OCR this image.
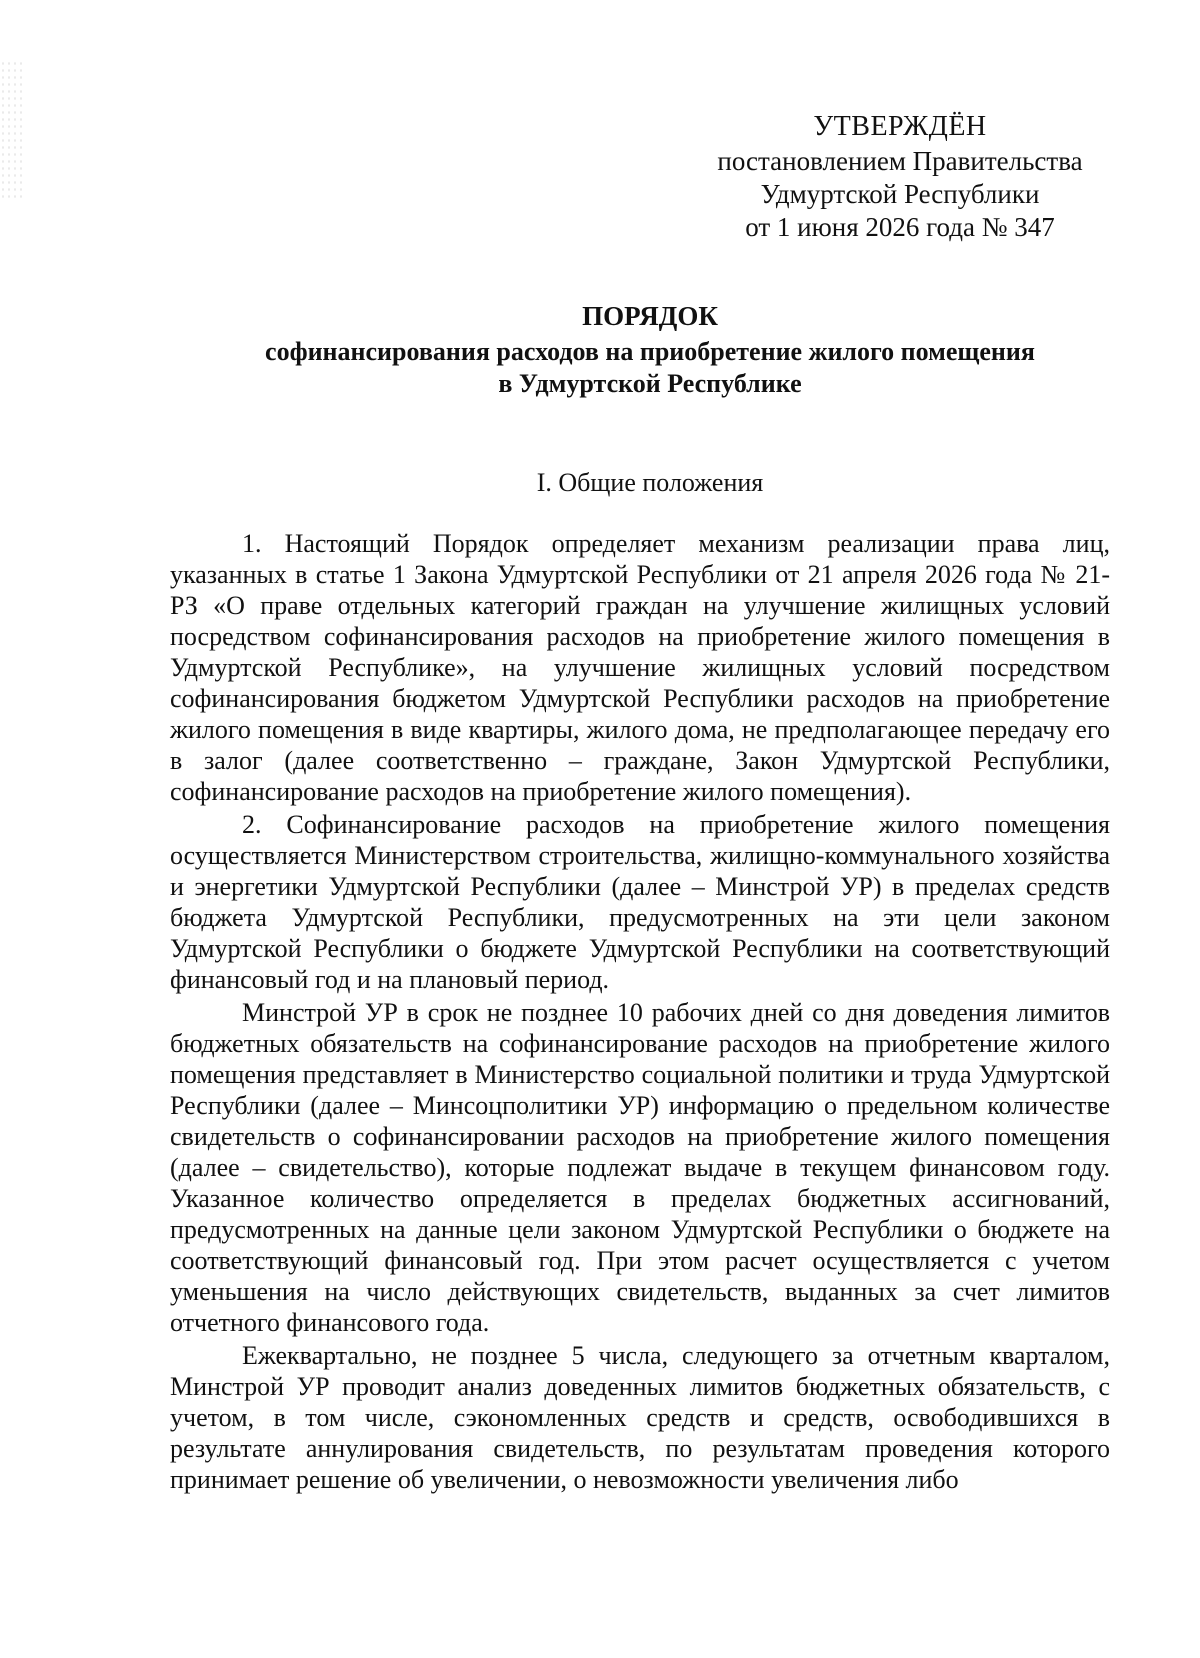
УТВЕРЖДЁН
постановлением Правительства
Удмуртской Республики
от 1 июня 2026 года № 347
ПОРЯДОК
софинансирования расходов на приобретение жилого помещения
в Удмуртской Республике
I. Общие положения

1. Настоящий Порядок определяет механизм реализации права лиц, указанных в статье 1 Закона Удмуртской Республики от 21 апреля 2026 года № 21-РЗ «О праве отдельных категорий граждан на улучшение жилищных условий посредством софинансирования расходов на приобретение жилого помещения в Удмуртской Республике», на улучшение жилищных условий посредством софинансирования бюджетом Удмуртской Республики расходов на приобретение жилого помещения в виде квартиры, жилого дома, не предполагающее передачу его в залог (далее соответственно – граждане, Закон Удмуртской Республики, софинансирование расходов на приобретение жилого помещения).

2. Софинансирование расходов на приобретение жилого помещения осуществляется Министерством строительства, жилищно-коммунального хозяйства и энергетики Удмуртской Республики (далее – Минстрой УР) в пределах средств бюджета Удмуртской Республики, предусмотренных на эти цели законом Удмуртской Республики о бюджете Удмуртской Республики на соответствующий финансовый год и на плановый период.

Минстрой УР в срок не позднее 10 рабочих дней со дня доведения лимитов бюджетных обязательств на софинансирование расходов на приобретение жилого помещения представляет в Министерство социальной политики и труда Удмуртской Республики (далее – Минсоцполитики УР) информацию о предельном количестве свидетельств о софинансировании расходов на приобретение жилого помещения (далее – свидетельство), которые подлежат выдаче в текущем финансовом году. Указанное количество определяется в пределах бюджетных ассигнований, предусмотренных на данные цели законом Удмуртской Республики о бюджете на соответствующий финансовый год. При этом расчет осуществляется с учетом уменьшения на число действующих свидетельств, выданных за счет лимитов отчетного финансового года.

Ежеквартально, не позднее 5 числа, следующего за отчетным кварталом, Минстрой УР проводит анализ доведенных лимитов бюджетных обязательств, с учетом, в том числе, сэкономленных средств и средств, освободившихся в результате аннулирования свидетельств, по результатам проведения которого принимает решение об увеличении, о невозможности увеличения либо
